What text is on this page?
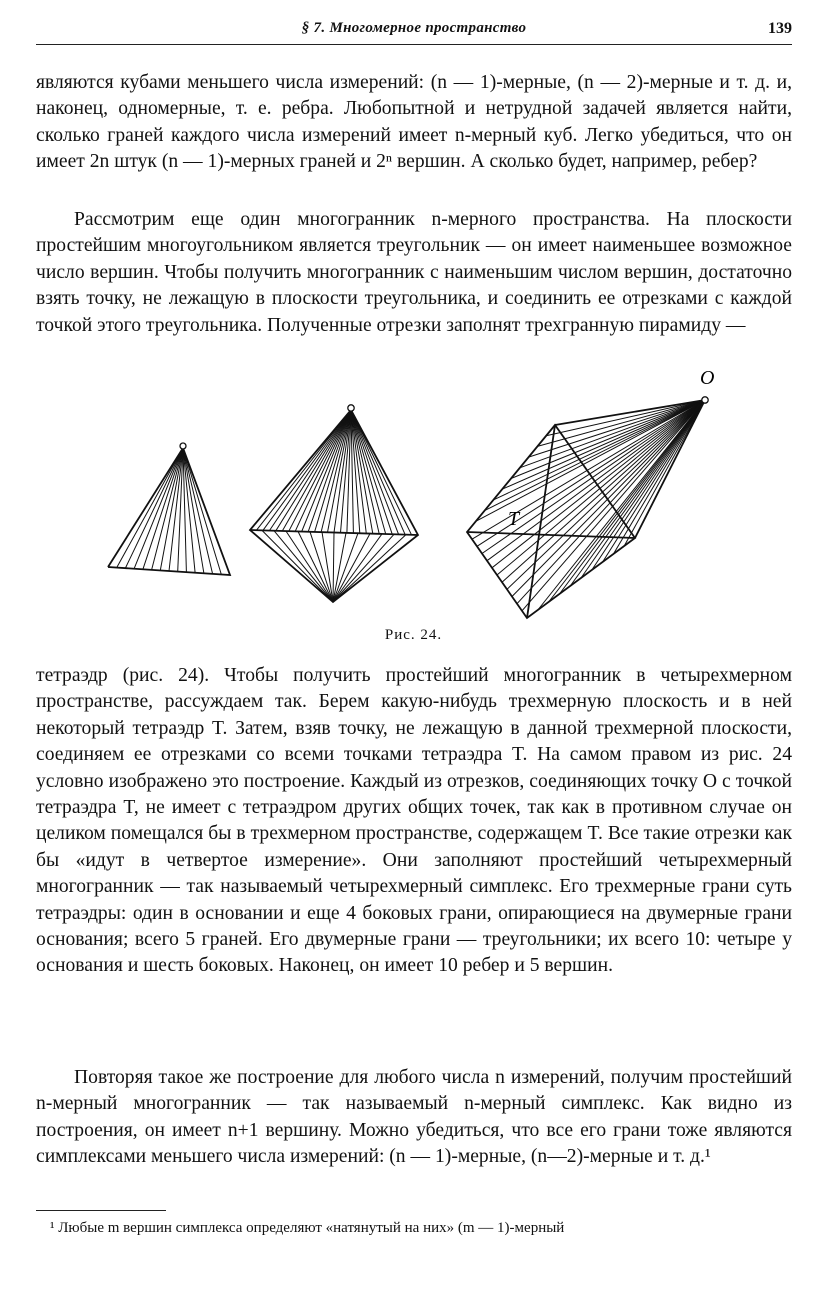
§ 7. Многомерное пространство	139

являются кубами меньшего числа измерений: (n — 1)-мерные, (n — 2)-мерные и т. д. и, наконец, одномерные, т. е. ребра. Любопытной и нетрудной задачей является найти, сколько граней каждого числа измерений имеет n-мерный куб. Легко убедиться, что он имеет 2n штук (n — 1)-мерных граней и 2ⁿ вершин. А сколько будет, например, ребер?

Рассмотрим еще один многогранник n-мерного пространства. На плоскости простейшим многоугольником является треугольник — он имеет наименьшее возможное число вершин. Чтобы получить многогранник с наименьшим числом вершин, достаточно взять точку, не лежащую в плоскости треугольника, и соединить ее отрезками с каждой точкой этого треугольника. Полученные отрезки заполнят трехгранную пирамиду —

T
O
Рис. 24.

тетраэдр (рис. 24). Чтобы получить простейший многогранник в четырехмерном пространстве, рассуждаем так. Берем какую-нибудь трехмерную плоскость и в ней некоторый тетраэдр T. Затем, взяв точку, не лежащую в данной трехмерной плоскости, соединяем ее отрезками со всеми точками тетраэдра T. На самом правом из рис. 24 условно изображено это построение. Каждый из отрезков, соединяющих точку O с точкой тетраэдра T, не имеет с тетраэдром других общих точек, так как в противном случае он целиком помещался бы в трехмерном пространстве, содержащем T. Все такие отрезки как бы «идут в четвертое измерение». Они заполняют простейший четырехмерный многогранник — так называемый четырехмерный симплекс. Его трехмерные грани суть тетраэдры: один в основании и еще 4 боковых грани, опирающиеся на двумерные грани основания; всего 5 граней. Его двумерные грани — треугольники; их всего 10: четыре у основания и шесть боковых. Наконец, он имеет 10 ребер и 5 вершин.

Повторяя такое же построение для любого числа n измерений, получим простейший n-мерный многогранник — так называемый n-мерный симплекс. Как видно из построения, он имеет n+1 вершину. Можно убедиться, что все его грани тоже являются симплексами меньшего числа измерений: (n — 1)-мерные, (n—2)-мерные и т. д.¹

¹ Любые m вершин симплекса определяют «натянутый на них» (m — 1)-мерный
